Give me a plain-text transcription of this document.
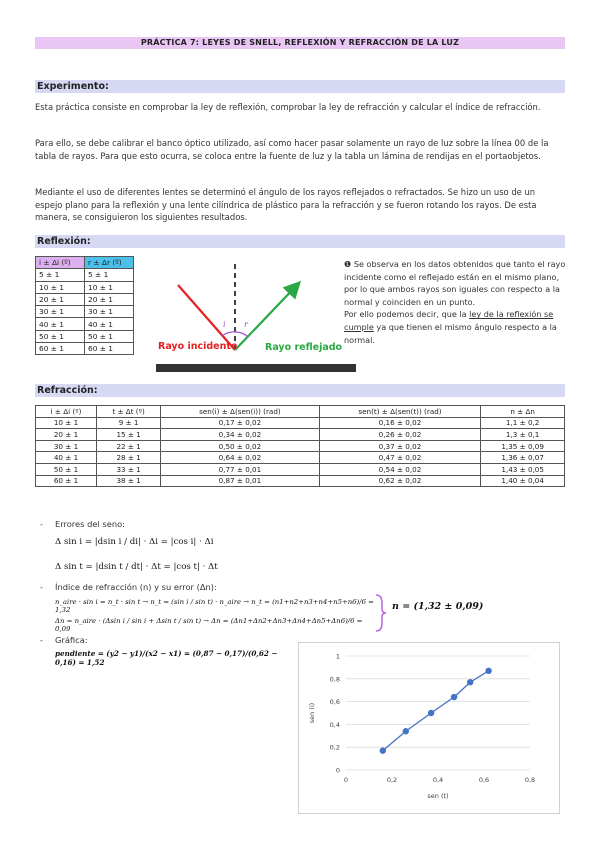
PRÁCTICA 7: LEYES DE SNELL, REFLEXIÓN Y REFRACCIÓN DE LA LUZ
Experimento:
Esta práctica consiste en comprobar la ley de reflexión, comprobar la ley de refracción y calcular el índice de refracción.
Para ello, se debe calibrar el banco óptico utilizado, así como hacer pasar solamente un rayo de luz sobre la línea 00 de la tabla de rayos. Para que esto ocurra, se coloca entre la fuente de luz y la tabla un lámina de rendijas en el portaobjetos.
Mediante el uso de diferentes lentes se determinó el ángulo de los rayos reflejados o refractados. Se hizo un uso de un espejo plano para la reflexión y una lente cilíndrica de plástico para la refracción y se fueron rotando los rayos. De esta manera, se consiguieron los siguientes resultados.
Reflexión:
i ± Δi (º)	r ± Δr (º)
5 ± 1	5 ± 1
10 ± 1	10 ± 1
20 ± 1	20 ± 1
30 ± 1	30 ± 1
40 ± 1	40 ± 1
50 ± 1	50 ± 1
60 ± 1	60 ± 1
i r
Rayo incidente	Rayo reflejado
❶ Se observa en los datos obtenidos que tanto el rayo incidente como el reflejado están en el mismo plano, por lo que ambos rayos son iguales con respecto a la normal y coinciden en un punto.
Por ello podemos decir, que la ley de la reflexión se cumple ya que tienen el mismo ángulo respecto a la normal.
Refracción:
i ± Δi (º)	t ± Δt (º)	sen(i) ± Δ(sen(i)) (rad)	sen(t) ± Δ(sen(t)) (rad)	n ± Δn
10 ± 1	9 ± 1	0,17 ± 0,02	0,16 ± 0,02	1,1 ± 0,2
20 ± 1	15 ± 1	0,34 ± 0,02	0,26 ± 0,02	1,3 ± 0,1
30 ± 1	22 ± 1	0,50 ± 0,02	0,37 ± 0,02	1,35 ± 0,09
40 ± 1	28 ± 1	0,64 ± 0,02	0,47 ± 0,02	1,36 ± 0,07
50 ± 1	33 ± 1	0,77 ± 0,01	0,54 ± 0,02	1,43 ± 0,05
60 ± 1	38 ± 1	0,87 ± 0,01	0,62 ± 0,02	1,40 ± 0,04
- Errores del seno:
Δ sin i = |dsin i / di| · Δi = |cos i| · Δi
Δ sin t = |dsin t / dt| · Δt = |cos t| · Δt
- Índice de refracción (n) y su error (Δn):
n_aire · sin i = n_t · sin t → n_t = (sin i / sin t) · n_aire → n_t = (n1+n2+n3+n4+n5+n6)/6 = 1,32
Δn = n_aire · (Δsin i / sin i + Δsin t / sin t) → Δn = (Δn1+Δn2+Δn3+Δn4+Δn5+Δn6)/6 = 0,09
n = (1,32 ± 0,09)
- Gráfica:
pendiente = (y2 − y1)/(x2 − x1) = (0,87 − 0,17)/(0,62 − 0,16) = 1,52
0
0,2
0,4
0,6
0,8
1
0	0,2	0,4	0,6	0,8
sen (t)
sen (i)
